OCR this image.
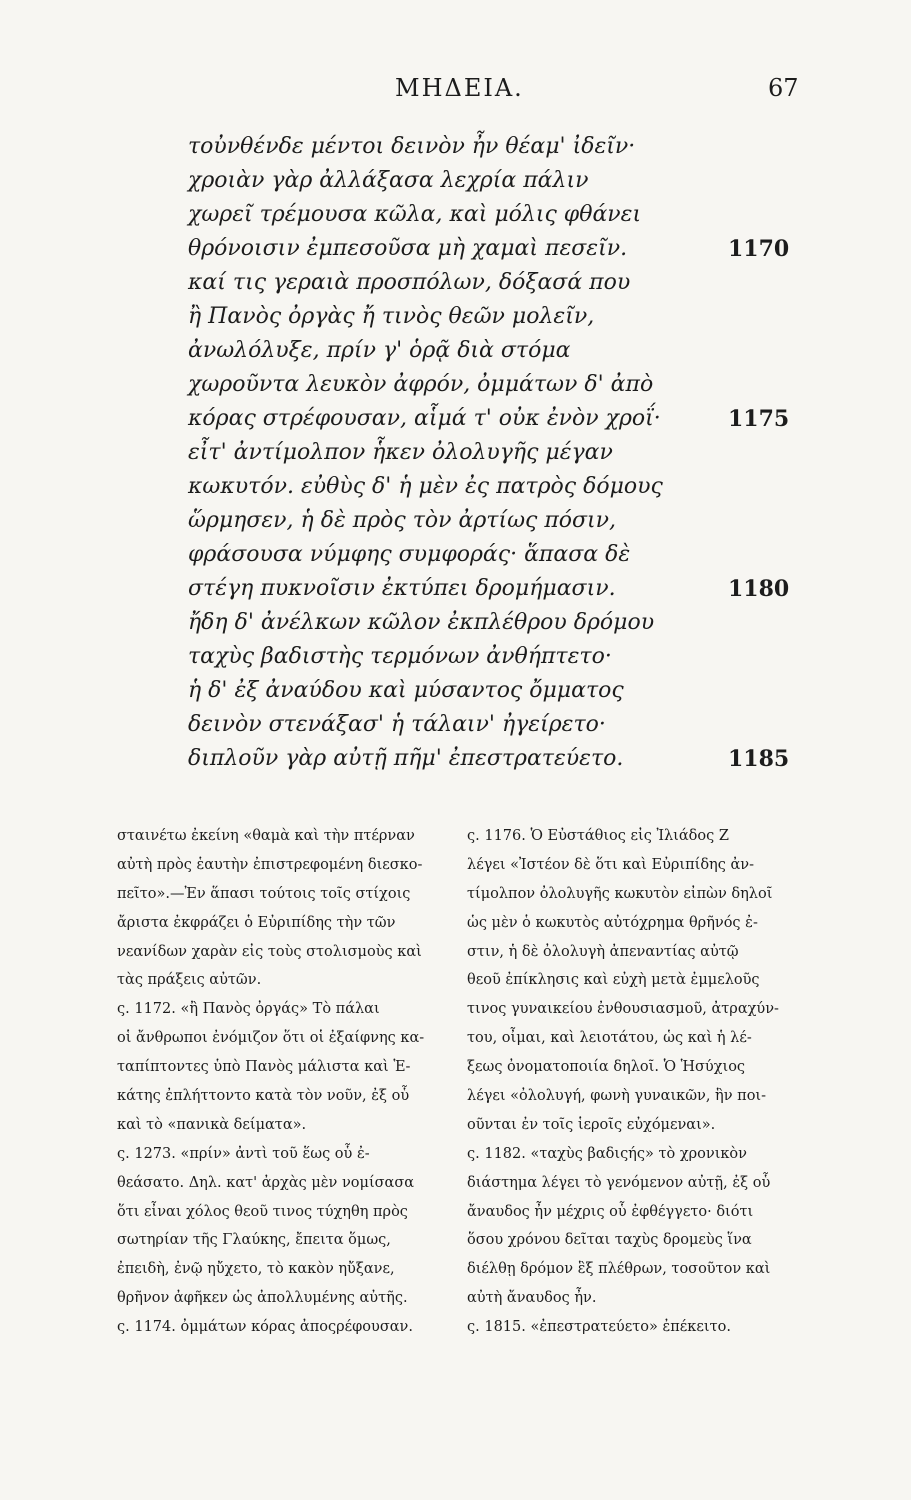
ΜΗΔΕΙΑ.	67
τοὐνθένδε μέντοι δεινὸν ἦν θέαμ' ἰδεῖν·
χροιὰν γὰρ ἀλλάξασα λεχρία πάλιν
χωρεῖ τρέμουσα κῶλα, καὶ μόλις φθάνει
θρόνοισιν ἐμπεσοῦσα μὴ χαμαὶ πεσεῖν.	1170
καί τις γεραιὰ προσπόλων, δόξασά που
ἢ Πανὸς ὀργὰς ἤ τινὸς θεῶν μολεῖν,
ἀνωλόλυξε, πρίν γ' ὁρᾷ διὰ στόμα
χωροῦντα λευκὸν ἀφρόν, ὀμμάτων δ' ἀπὸ
κόρας στρέφουσαν, αἷμά τ' οὐκ ἐνὸν χροΐ·	1175
εἶτ' ἀντίμολπον ἧκεν ὀλολυγῆς μέγαν
κωκυτόν. εὐθὺς δ' ἡ μὲν ἐς πατρὸς δόμους
ὥρμησεν, ἡ δὲ πρὸς τὸν ἀρτίως πόσιν,
φράσουσα νύμφης συμφοράς· ἅπασα δὲ
στέγη πυκνοῖσιν ἐκτύπει δρομήμασιν.	1180
ἤδη δ' ἀνέλκων κῶλον ἐκπλέθρου δρόμου
ταχὺς βαδιστὴς τερμόνων ἀνθήπτετο·
ἡ δ' ἐξ ἀναύδου καὶ μύσαντος ὄμματος
δεινὸν στενάξασ' ἡ τάλαιν' ἠγείρετο·
διπλοῦν γὰρ αὐτῇ πῆμ' ἐπεστρατεύετο.	1185
σταινέτω ἐκείνη «θαμὰ καὶ τὴν πτέρναν
αὐτὴ πρὸς ἑαυτὴν ἐπιστρεφομένη διεσκο-
πεῖτο».—Ἐν ἅπασι τούτοις τοῖς στίχοις
ἄριστα ἐκφράζει ὁ Εὐριπίδης τὴν τῶν
νεανίδων χαρὰν εἰς τοὺς στολισμοὺς καὶ
τὰς πράξεις αὐτῶν.
ς. 1172. «ἢ Πανὸς ὀργάς» Τὸ πάλαι
οἱ ἄνθρωποι ἐνόμιζον ὅτι οἱ ἐξαίφνης κα-
ταπίπτοντες ὑπὸ Πανὸς μάλιστα καὶ Ἑ-
κάτης ἐπλήττοντο κατὰ τὸν νοῦν, ἐξ οὗ
καὶ τὸ «πανικὰ δείματα».
ς. 1273. «πρίν» ἀντὶ τοῦ ἕως οὗ ἐ-
θεάσατο. Δηλ. κατ' ἀρχὰς μὲν νομίσασα
ὅτι εἶναι χόλος θεοῦ τινος τύχηθη πρὸς
σωτηρίαν τῆς Γλαύκης, ἔπειτα ὅμως,
ἐπειδὴ, ἐνῷ ηὔχετο, τὸ κακὸν ηὔξανε,
θρῆνον ἀφῆκεν ὡς ἀπολλυμένης αὐτῆς.
ς. 1174. ὀμμάτων κόρας ἀποςρέφουσαν.
ς. 1176. Ὁ Εὐστάθιος εἰς Ἰλιάδος Ζ
λέγει «Ἰστέον δὲ ὅτι καὶ Εὐριπίδης ἀν-
τίμολπον ὀλολυγῆς κωκυτὸν εἰπὼν δηλοῖ
ὡς μὲν ὁ κωκυτὸς αὐτόχρημα θρῆνός ἐ-
στιν, ἡ δὲ ὀλολυγὴ ἀπεναντίας αὐτῷ
θεοῦ ἐπίκλησις καὶ εὐχὴ μετὰ ἐμμελοῦς
τινος γυναικείου ἐνθουσιασμοῦ, ἀτραχύν-
του, οἶμαι, καὶ λειοτάτου, ὡς καὶ ἡ λέ-
ξεως ὀνοματοποιία δηλοῖ. Ὁ Ἡσύχιος
λέγει «ὀλολυγή, φωνὴ γυναικῶν, ἣν ποι-
οῦνται ἐν τοῖς ἱεροῖς εὐχόμεναι».
ς. 1182. «ταχὺς βαδιςής» τὸ χρονικὸν
διάστημα λέγει τὸ γενόμενον αὐτῇ, ἐξ οὗ
ἄναυδος ἦν μέχρις οὗ ἐφθέγγετο· διότι
ὅσου χρόνου δεῖται ταχὺς δρομεὺς ἵνα
διέλθῃ δρόμον ἓξ πλέθρων, τοσοῦτον καὶ
αὐτὴ ἄναυδος ἦν.
ς. 1815. «ἐπεστρατεύετο» ἐπέκειτο.
